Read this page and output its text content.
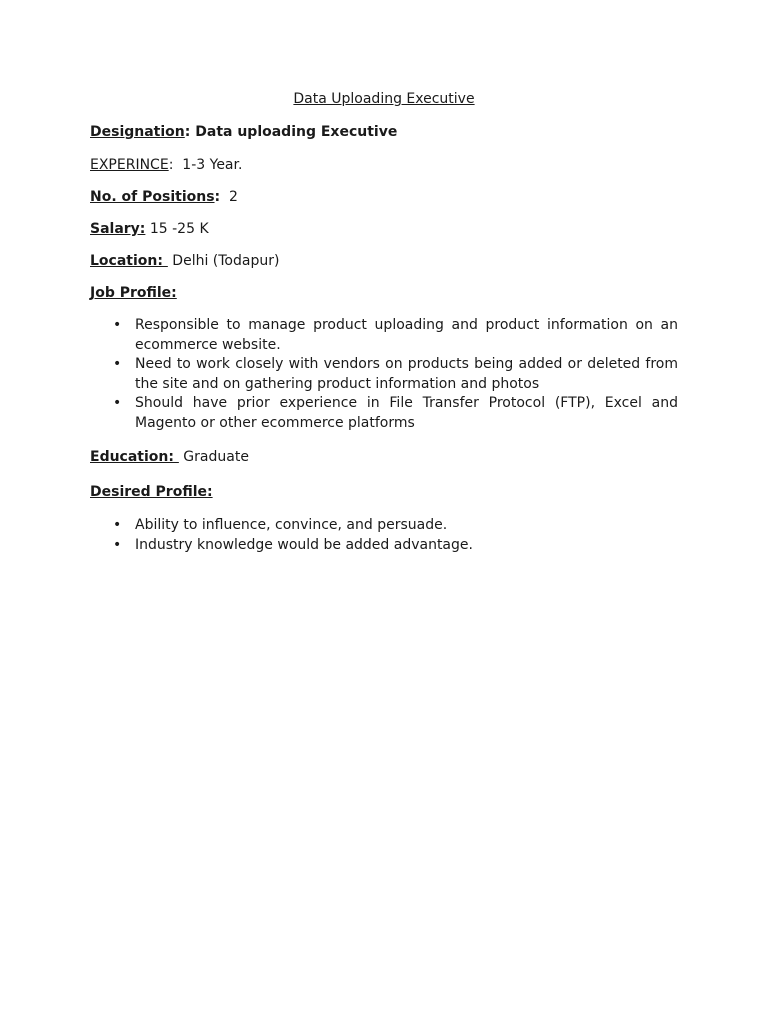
Data Uploading Executive
Designation: Data uploading Executive
EXPERINCE:  1-3 Year.
No. of Positions:  2
Salary: 15 -25 K
Location:  Delhi (Todapur)
Job Profile:
• Responsible to manage product uploading and product information on an ecommerce website.
• Need to work closely with vendors on products being added or deleted from the site and on gathering product information and photos
• Should have prior experience in File Transfer Protocol (FTP), Excel and Magento or other ecommerce platforms
Education:  Graduate
Desired Profile:
• Ability to influence, convince, and persuade.
• Industry knowledge would be added advantage.
